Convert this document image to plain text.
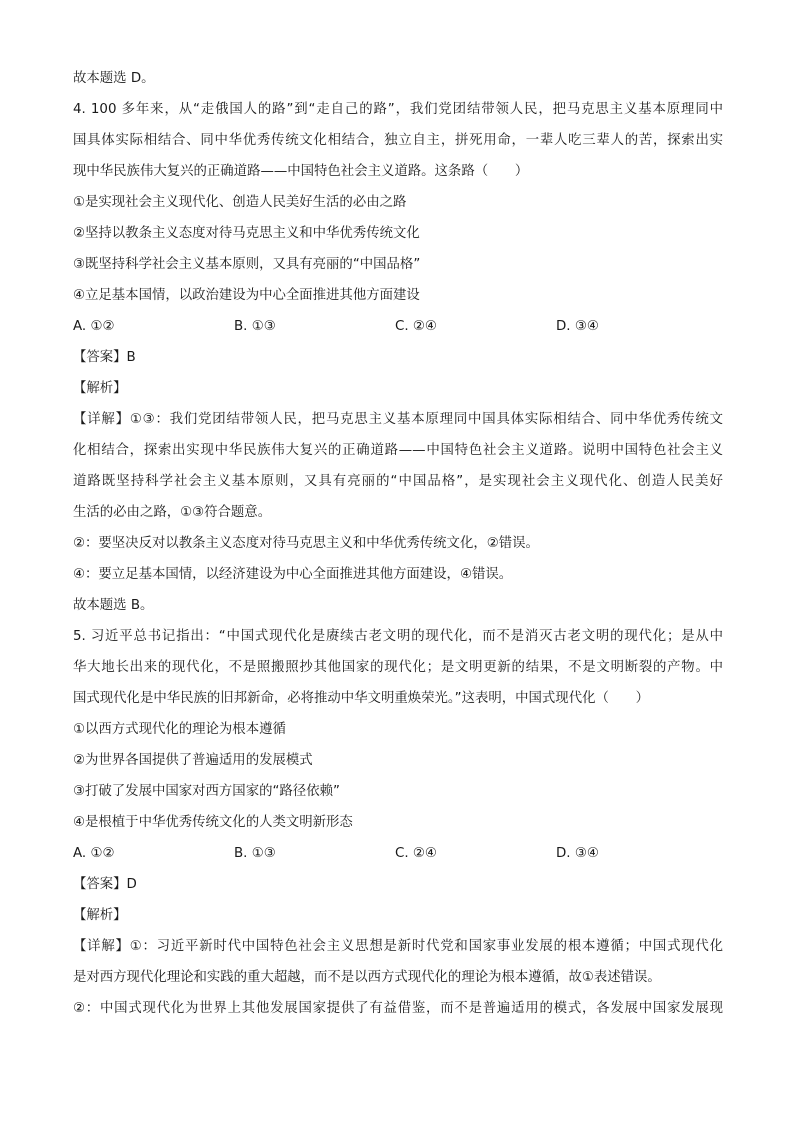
故本题选 D。
4. 100 多年来，从“走俄国人的路”到“走自己的路”，我们党团结带领人民，把马克思主义基本原理同中
国具体实际相结合、同中华优秀传统文化相结合，独立自主，拼死用命，一辈人吃三辈人的苦，探索出实
现中华民族伟大复兴的正确道路——中国特色社会主义道路。这条路（　　）
①是实现社会主义现代化、创造人民美好生活的必由之路
②坚持以教条主义态度对待马克思主义和中华优秀传统文化
③既坚持科学社会主义基本原则，又具有亮丽的“中国品格”
④立足基本国情，以政治建设为中心全面推进其他方面建设
A. ①②	B. ①③	C. ②④	D. ③④
【答案】B
【解析】
【详解】①③：我们党团结带领人民，把马克思主义基本原理同中国具体实际相结合、同中华优秀传统文
化相结合，探索出实现中华民族伟大复兴的正确道路——中国特色社会主义道路。说明中国特色社会主义
道路既坚持科学社会主义基本原则，又具有亮丽的“中国品格”，是实现社会主义现代化、创造人民美好
生活的必由之路，①③符合题意。
②：要坚决反对以教条主义态度对待马克思主义和中华优秀传统文化，②错误。
④：要立足基本国情，以经济建设为中心全面推进其他方面建设，④错误。
故本题选 B。
5. 习近平总书记指出：“中国式现代化是赓续古老文明的现代化，而不是消灭古老文明的现代化；是从中
华大地长出来的现代化，不是照搬照抄其他国家的现代化；是文明更新的结果，不是文明断裂的产物。中
国式现代化是中华民族的旧邦新命，必将推动中华文明重焕荣光。”这表明，中国式现代化（　　）
①以西方式现代化的理论为根本遵循
②为世界各国提供了普遍适用的发展模式
③打破了发展中国家对西方国家的“路径依赖”
④是根植于中华优秀传统文化的人类文明新形态
A. ①②	B. ①③	C. ②④	D. ③④
【答案】D
【解析】
【详解】①：习近平新时代中国特色社会主义思想是新时代党和国家事业发展的根本遵循；中国式现代化
是对西方现代化理论和实践的重大超越，而不是以西方式现代化的理论为根本遵循，故①表述错误。
②：中国式现代化为世界上其他发展国家提供了有益借鉴，而不是普遍适用的模式，各发展中国家发展现
